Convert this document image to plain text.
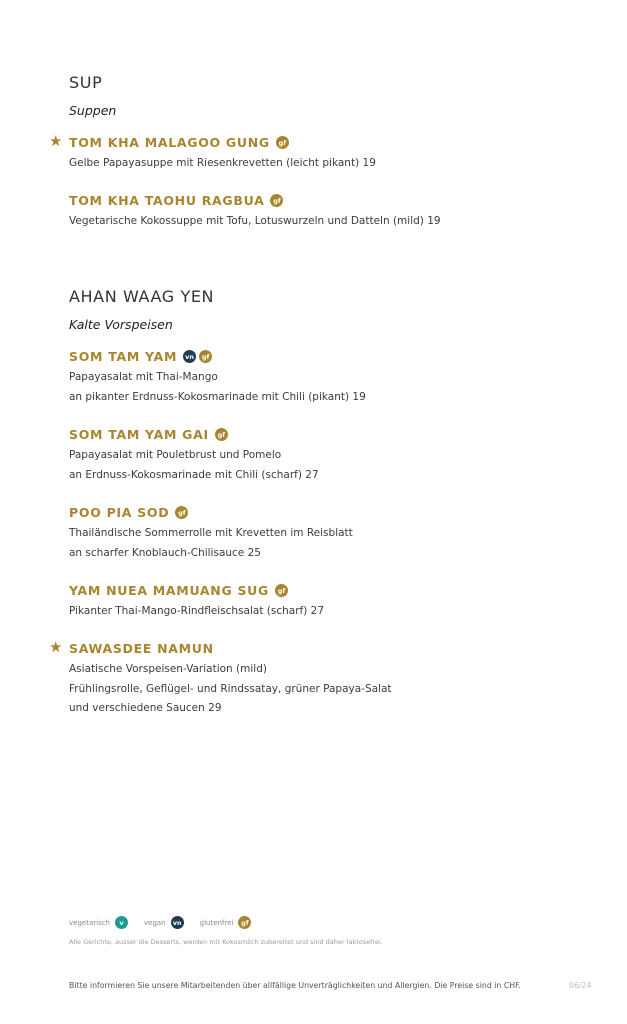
SUP
Suppen
★ TOM KHA MALAGOO GUNG	gf
Gelbe Papayasuppe mit Riesenkrevetten (leicht pikant) 19
TOM KHA TAOHU RAGBUA	gf
Vegetarische Kokossuppe mit Tofu, Lotuswurzeln und Datteln (mild) 19
AHAN WAAG YEN
Kalte Vorspeisen
SOM TAM YAM	vn	gf
Papayasalat mit Thai-Mango
an pikanter Erdnuss-Kokosmarinade mit Chili (pikant) 19
SOM TAM YAM GAI	gf
Papayasalat mit Pouletbrust und Pomelo
an Erdnuss-Kokosmarinade mit Chili (scharf) 27
POO PIA SOD	gf
Thailändische Sommerrolle mit Krevetten im Reisblatt
an scharfer Knoblauch-Chilisauce 25
YAM NUEA MAMUANG SUG	gf
Pikanter Thai-Mango-Rindfleischsalat (scharf) 27
★ SAWASDEE NAMUN
Asiatische Vorspeisen-Variation (mild)
Frühlingsrolle, Geflügel- und Rindssatay, grüner Papaya-Salat
und verschiedene Saucen 29
vegetarisch	v	vegan	vn	glutenfrei	gf
Alle Gerichte, ausser die Desserts, werden mit Kokosmilch zubereitet und sind daher laktosefrei.
Bitte informieren Sie unsere Mitarbeitenden über allfällige Unverträglichkeiten und Allergien. Die Preise sind in CHF.	06/24
